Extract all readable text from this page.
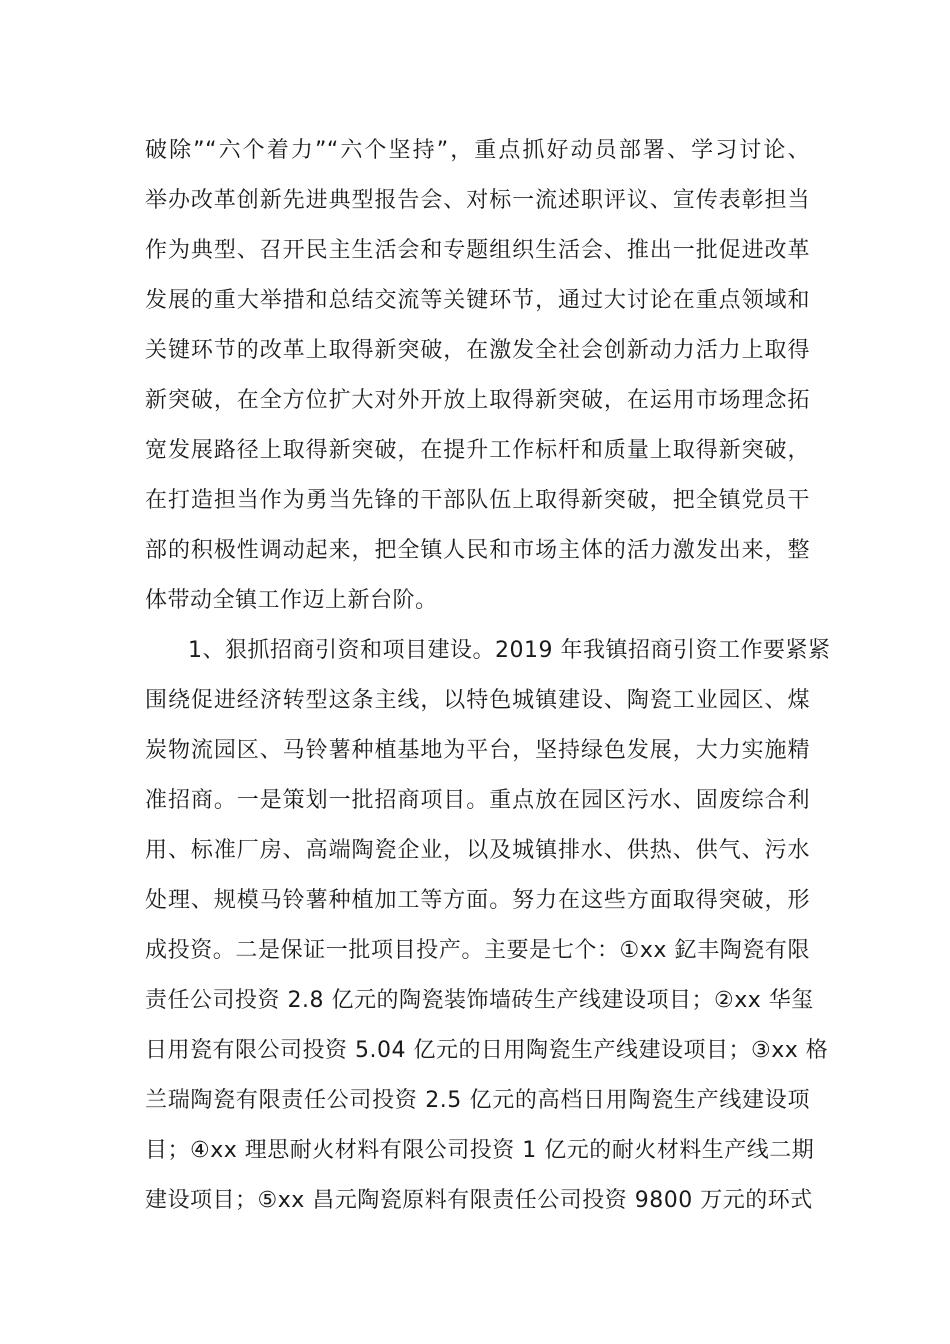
破除”“六个着力”“六个坚持”，重点抓好动员部署、学习讨论、
举办改革创新先进典型报告会、对标一流述职评议、宣传表彰担当
作为典型、召开民主生活会和专题组织生活会、推出一批促进改革
发展的重大举措和总结交流等关键环节，通过大讨论在重点领域和
关键环节的改革上取得新突破，在激发全社会创新动力活力上取得
新突破，在全方位扩大对外开放上取得新突破，在运用市场理念拓
宽发展路径上取得新突破，在提升工作标杆和质量上取得新突破，
在打造担当作为勇当先锋的干部队伍上取得新突破，把全镇党员干
部的积极性调动起来，把全镇人民和市场主体的活力激发出来，整
体带动全镇工作迈上新台阶。
1、狠抓招商引资和项目建设。2019 年我镇招商引资工作要紧紧
围绕促进经济转型这条主线，以特色城镇建设、陶瓷工业园区、煤
炭物流园区、马铃薯种植基地为平台，坚持绿色发展，大力实施精
准招商。一是策划一批招商项目。重点放在园区污水、固废综合利
用、标准厂房、高端陶瓷企业，以及城镇排水、供热、供气、污水
处理、规模马铃薯种植加工等方面。努力在这些方面取得突破，形
成投资。二是保证一批项目投产。主要是七个：①xx 釔丰陶瓷有限
责任公司投资 2.8 亿元的陶瓷装饰墙砖生产线建设项目；②xx 华玺
日用瓷有限公司投资 5.04 亿元的日用陶瓷生产线建设项目；③xx 格
兰瑞陶瓷有限责任公司投资 2.5 亿元的高档日用陶瓷生产线建设项
目；④xx 理思耐火材料有限公司投资 1 亿元的耐火材料生产线二期
建设项目；⑤xx 昌元陶瓷原料有限责任公司投资 9800 万元的环式
